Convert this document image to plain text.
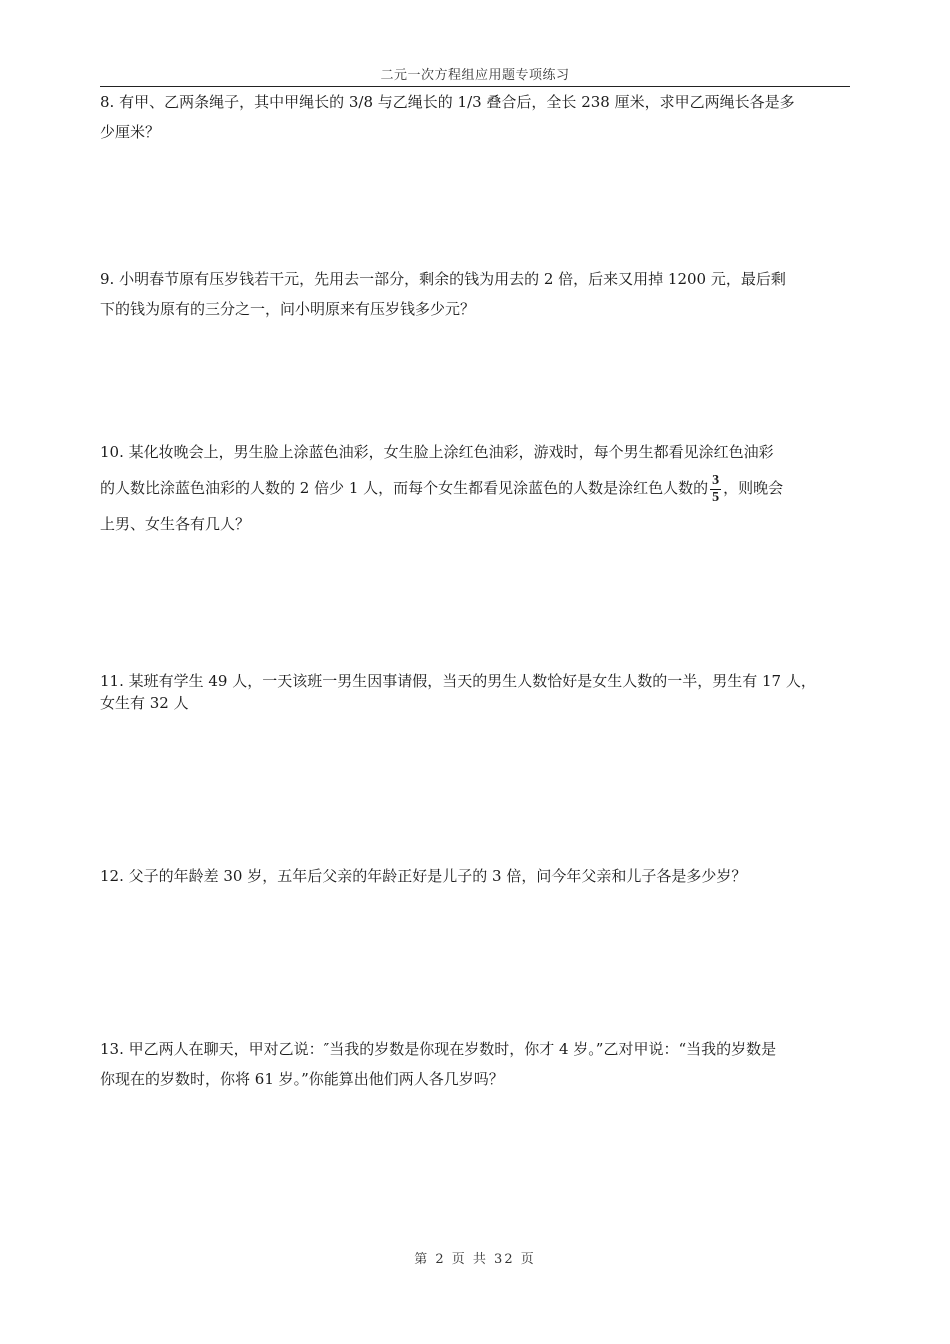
二元一次方程组应用题专项练习
8. 有甲、乙两条绳子，其中甲绳长的 3/8 与乙绳长的 1/3 叠合后，全长 238 厘米，求甲乙两绳长各是多
少厘米？
9. 小明春节原有压岁钱若干元，先用去一部分，剩余的钱为用去的 2 倍，后来又用掉 1200 元，最后剩
下的钱为原有的三分之一，问小明原来有压岁钱多少元？
10. 某化妆晚会上，男生脸上涂蓝色油彩，女生脸上涂红色油彩，游戏时，每个男生都看见涂红色油彩
的人数比涂蓝色油彩的人数的 2 倍少 1 人，而每个女生都看见涂蓝色的人数是涂红色人数的 $\frac{3}{5}$ ，则晚会
上男、女生各有几人？
11. 某班有学生 49 人，一天该班一男生因事请假，当天的男生人数恰好是女生人数的一半，男生有 17 人，
女生有 32 人
12. 父子的年龄差 30 岁，五年后父亲的年龄正好是儿子的 3 倍，问今年父亲和儿子各是多少岁？
13. 甲乙两人在聊天，甲对乙说：″当我的岁数是你现在岁数时，你才 4 岁。”乙对甲说：“当我的岁数是
你现在的岁数时，你将 61 岁。”你能算出他们两人各几岁吗？
第 2 页 共 32 页
